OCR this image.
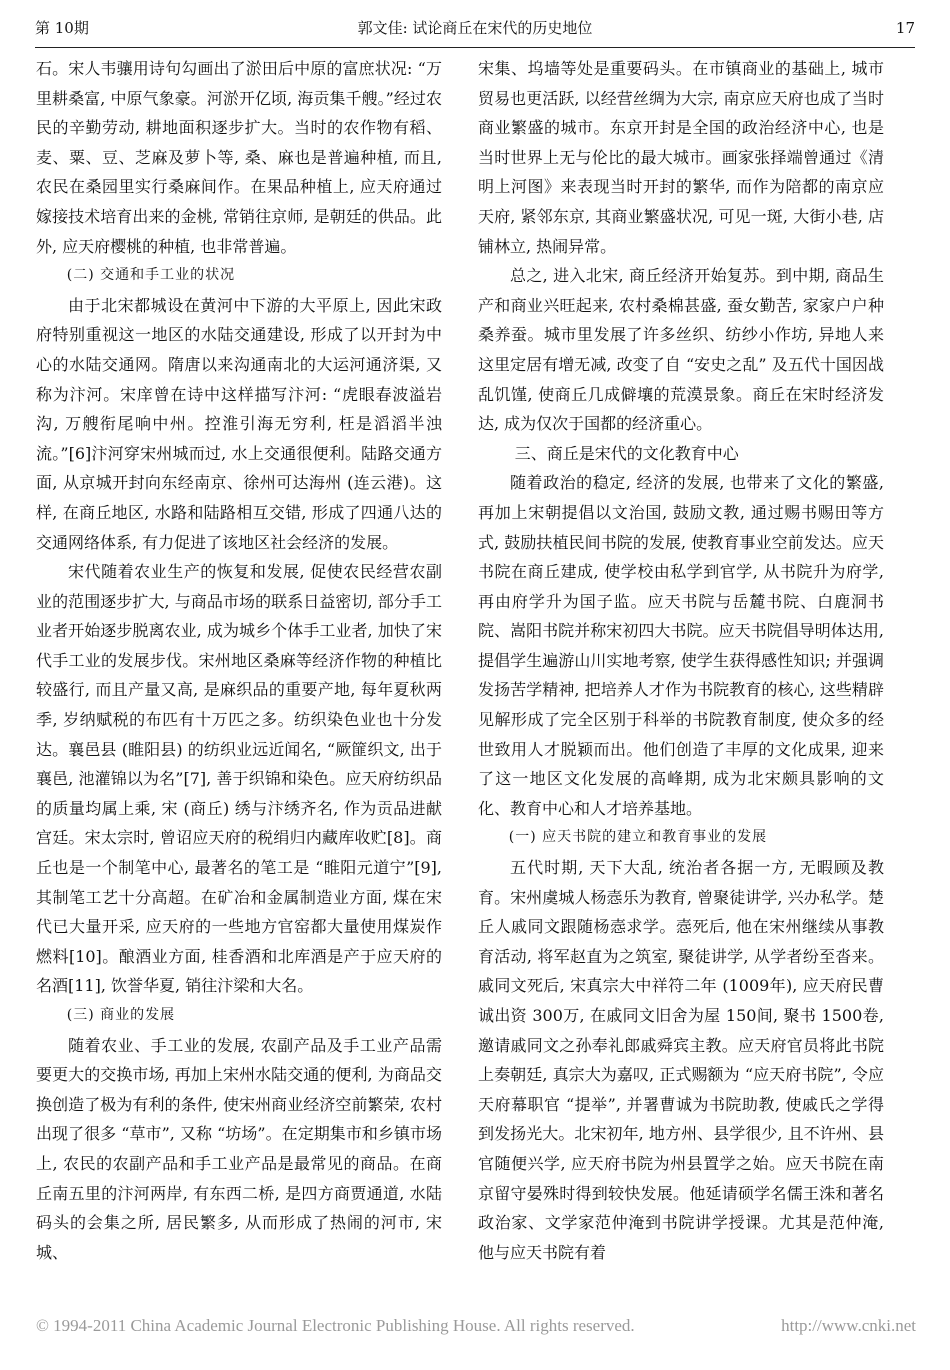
第 10期	郭文佳: 试论商丘在宋代的历史地位	17

石。宋人韦骧用诗句勾画出了淤田后中原的富庶状况: “万里耕桑富, 中原气象豪。河淤开亿顷, 海贡集千艘。”经过农民的辛勤劳动, 耕地面积逐步扩大。当时的农作物有稻、麦、粟、豆、芝麻及萝卜等, 桑、麻也是普遍种植, 而且, 农民在桑园里实行桑麻间作。在果品种植上, 应天府通过嫁接技术培育出来的金桃, 常销往京师, 是朝廷的供品。此外, 应天府樱桃的种植, 也非常普遍。

(二) 交通和手工业的状况

由于北宋都城设在黄河中下游的大平原上, 因此宋政府特别重视这一地区的水陆交通建设, 形成了以开封为中心的水陆交通网。隋唐以来沟通南北的大运河通济渠, 又称为汴河。宋庠曾在诗中这样描写汴河: “虎眼春波溢岩沟, 万艘衔尾响中州。控淮引海无穷利, 枉是滔滔半浊流。”[6]汴河穿宋州城而过, 水上交通很便利。陆路交通方面, 从京城开封向东经南京、徐州可达海州 (连云港)。这样, 在商丘地区, 水路和陆路相互交错, 形成了四通八达的交通网络体系, 有力促进了该地区社会经济的发展。

宋代随着农业生产的恢复和发展, 促使农民经营农副业的范围逐步扩大, 与商品市场的联系日益密切, 部分手工业者开始逐步脱离农业, 成为城乡个体手工业者, 加快了宋代手工业的发展步伐。宋州地区桑麻等经济作物的种植比较盛行, 而且产量又高, 是麻织品的重要产地, 每年夏秋两季, 岁纳赋税的布匹有十万匹之多。纺织染色业也十分发达。襄邑县 (睢阳县) 的纺织业远近闻名, “厥篚织文, 出于襄邑, 池灌锦以为名”[7], 善于织锦和染色。应天府纺织品的质量均属上乘, 宋 (商丘) 绣与汴绣齐名, 作为贡品进献宫廷。宋太宗时, 曾诏应天府的税绢归内藏库收贮[8]。商丘也是一个制笔中心, 最著名的笔工是 “睢阳元道宁”[9], 其制笔工艺十分高超。在矿冶和金属制造业方面, 煤在宋代已大量开采, 应天府的一些地方官窑都大量使用煤炭作燃料[10]。酿酒业方面, 桂香酒和北库酒是产于应天府的名酒[11], 饮誉华夏, 销往汴梁和大名。

(三) 商业的发展

随着农业、手工业的发展, 农副产品及手工业产品需要更大的交换市场, 再加上宋州水陆交通的便利, 为商品交换创造了极为有利的条件, 使宋州商业经济空前繁荣, 农村出现了很多 “草市”, 又称 “坊场”。在定期集市和乡镇市场上, 农民的农副产品和手工业产品是最常见的商品。在商丘南五里的汴河两岸, 有东西二桥, 是四方商贾通道, 水陆码头的会集之所, 居民繁多, 从而形成了热闹的河市, 宋城、

宋集、坞墙等处是重要码头。在市镇商业的基础上, 城市贸易也更活跃, 以经营丝绸为大宗, 南京应天府也成了当时商业繁盛的城市。东京开封是全国的政治经济中心, 也是当时世界上无与伦比的最大城市。画家张择端曾通过《清明上河图》来表现当时开封的繁华, 而作为陪都的南京应天府, 紧邻东京, 其商业繁盛状况, 可见一斑, 大街小巷, 店铺林立, 热闹异常。

总之, 进入北宋, 商丘经济开始复苏。到中期, 商品生产和商业兴旺起来, 农村桑棉甚盛, 蚕女勤苦, 家家户户种桑养蚕。城市里发展了许多丝织、纺纱小作坊, 异地人来这里定居有增无减, 改变了自 “安史之乱” 及五代十国因战乱饥馑, 使商丘几成僻壤的荒漠景象。商丘在宋时经济发达, 成为仅次于国都的经济重心。

三、商丘是宋代的文化教育中心

随着政治的稳定, 经济的发展, 也带来了文化的繁盛, 再加上宋朝提倡以文治国, 鼓励文教, 通过赐书赐田等方式, 鼓励扶植民间书院的发展, 使教育事业空前发达。应天书院在商丘建成, 使学校由私学到官学, 从书院升为府学, 再由府学升为国子监。应天书院与岳麓书院、白鹿洞书院、嵩阳书院并称宋初四大书院。应天书院倡导明体达用, 提倡学生遍游山川实地考察, 使学生获得感性知识; 并强调发扬苦学精神, 把培养人才作为书院教育的核心, 这些精辟见解形成了完全区别于科举的书院教育制度, 使众多的经世致用人才脱颖而出。他们创造了丰厚的文化成果, 迎来了这一地区文化发展的高峰期, 成为北宋颇具影响的文化、教育中心和人才培养基地。

(一) 应天书院的建立和教育事业的发展

五代时期, 天下大乱, 统治者各据一方, 无暇顾及教育。宋州虞城人杨悫乐为教育, 曾聚徒讲学, 兴办私学。楚丘人戚同文跟随杨悫求学。悫死后, 他在宋州继续从事教育活动, 将军赵直为之筑室, 聚徒讲学, 从学者纷至沓来。戚同文死后, 宋真宗大中祥符二年 (1009年), 应天府民曹诚出资 300万, 在戚同文旧舍为屋 150间, 聚书 1500卷, 邀请戚同文之孙奉礼郎戚舜宾主教。应天府官员将此书院上奏朝廷, 真宗大为嘉叹, 正式赐额为 “应天府书院”, 令应天府幕职官 “提举”, 并署曹诚为书院助教, 使戚氏之学得到发扬光大。北宋初年, 地方州、县学很少, 且不许州、县官随便兴学, 应天府书院为州县置学之始。应天书院在南京留守晏殊时得到较快发展。他延请硕学名儒王洙和著名政治家、文学家范仲淹到书院讲学授课。尤其是范仲淹, 他与应天书院有着

© 1994-2011 China Academic Journal Electronic Publishing House. All rights reserved.	http://www.cnki.net
